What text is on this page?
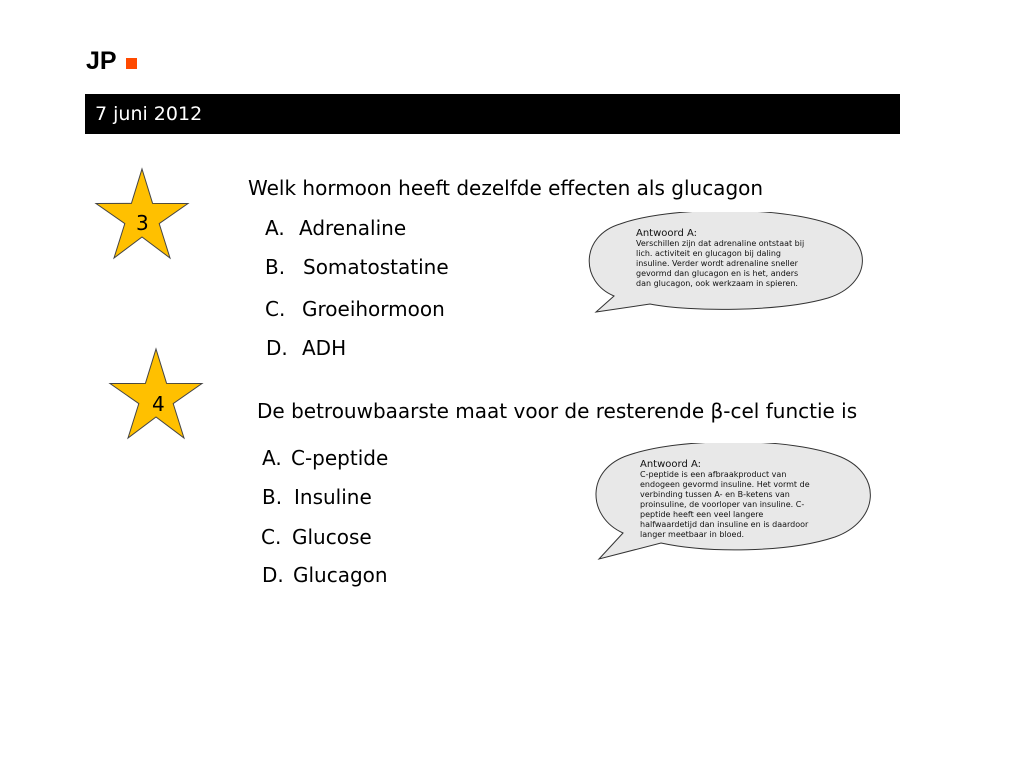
JP
7 juni 2012
3
Welk hormoon heeft dezelfde effecten als glucagon
A. Adrenaline
B. Somatostatine
C. Groeihormoon
D. ADH
Antwoord A:
Verschillen zijn dat adrenaline ontstaat bij lich. activiteit en glucagon bij daling insuline. Verder wordt adrenaline sneller gevormd dan glucagon en is het, anders dan glucagon, ook werkzaam in spieren.
4	De betrouwbaarste maat voor de resterende β-cel functie is
A. C-peptide
B. Insuline
C. Glucose
D. Glucagon
Antwoord A:
C-peptide is een afbraakproduct van endogeen gevormd insuline. Het vormt de verbinding tussen A- en B-ketens van proinsuline, de voorloper van insuline. C-peptide heeft een veel langere halfwaardetijd dan insuline en is daardoor langer meetbaar in bloed.
